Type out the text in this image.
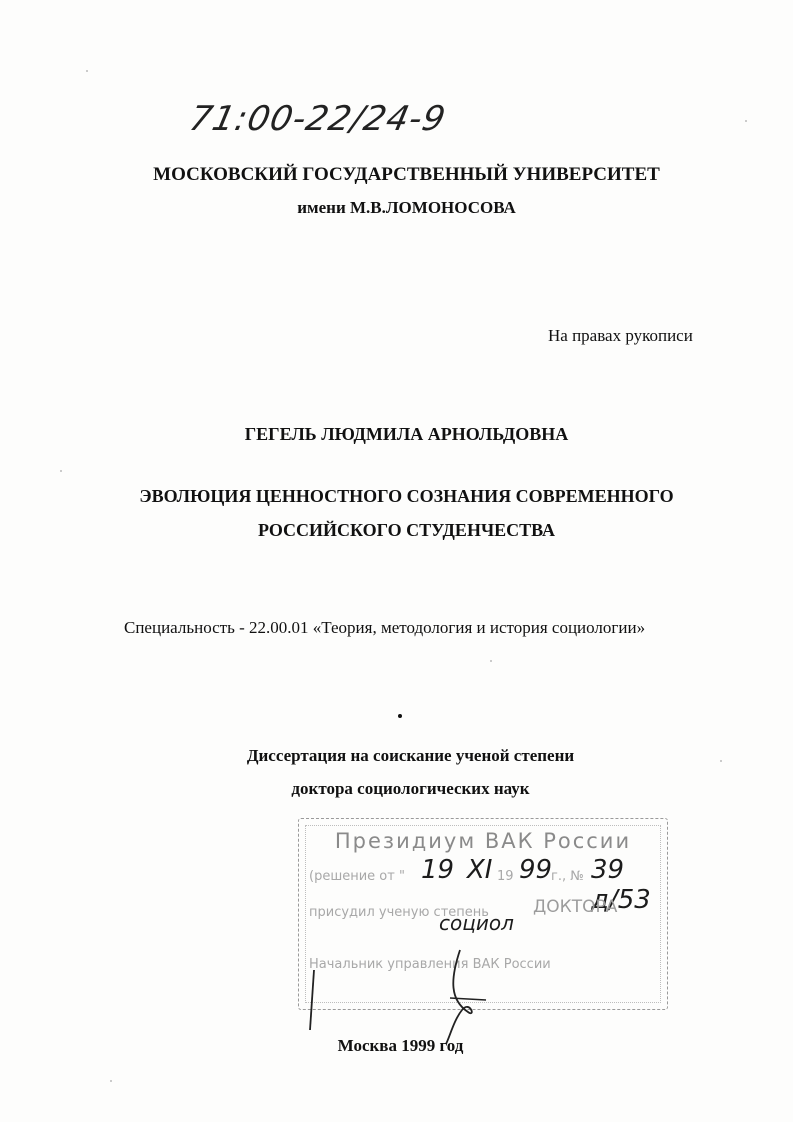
71:00-22/24-9
МОСКОВСКИЙ ГОСУДАРСТВЕННЫЙ УНИВЕРСИТЕТ
имени М.В.ЛОМОНОСОВА
На правах рукописи
ГЕГЕЛЬ ЛЮДМИЛА АРНОЛЬДОВНА
ЭВОЛЮЦИЯ ЦЕННОСТНОГО СОЗНАНИЯ СОВРЕМЕННОГО
РОССИЙСКОГО СТУДЕНЧЕСТВА
Специальность - 22.00.01 «Теория, методология и история социологии»
Диссертация на соискание ученой степени
доктора социологических наук
Президиум ВАК России
(решение от " 19 XI 19 99
г., № 39 д/53
присудил ученую степень	ДОКТОРА
социол
Начальник управления ВАК России
Москва 1999 год
